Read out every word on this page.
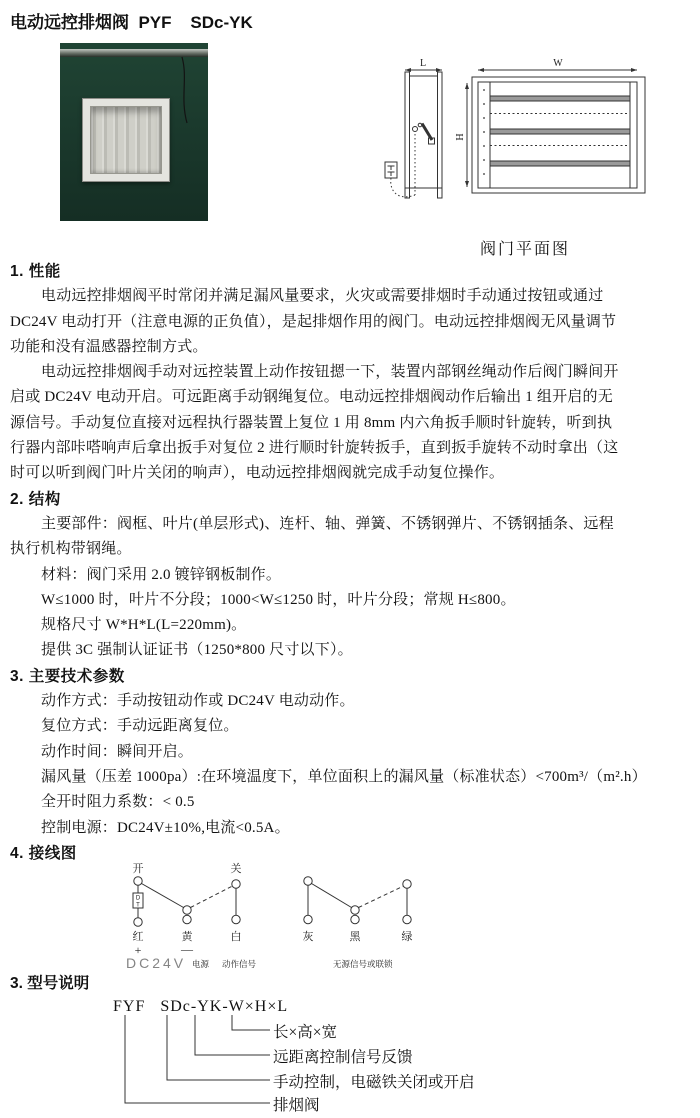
电动远控排烟阀  PYF    SDc-YK
L	W
H
阀门平面图
1. 性能
电动远控排烟阀平时常闭并满足漏风量要求，火灾或需要排烟时手动通过按钮或通过
DC24V 电动打开（注意电源的正负值），是起排烟作用的阀门。电动远控排烟阀无风量调节
功能和没有温感器控制方式。
电动远控排烟阀手动对远控装置上动作按钮摁一下，装置内部钢丝绳动作后阀门瞬间开
启或 DC24V 电动开启。可远距离手动钢绳复位。电动远控排烟阀动作后输出 1 组开启的无
源信号。手动复位直接对远程执行器装置上复位 1 用 8mm 内六角扳手顺时针旋转，听到执
行器内部咔嗒响声后拿出扳手对复位 2 进行顺时针旋转扳手，直到扳手旋转不动时拿出（这
时可以听到阀门叶片关闭的响声），电动远控排烟阀就完成手动复位操作。
2. 结构
主要部件：阀框、叶片(单层形式)、连杆、轴、弹簧、不锈钢弹片、不锈钢插条、远程
执行机构带钢绳。
材料：阀门采用 2.0 镀锌钢板制作。
W≤1000 时，叶片不分段；1000<W≤1250 时，叶片分段；常规 H≤800。
规格尺寸 W*H*L(L=220mm)。
提供 3C 强制认证证书（1250*800 尺寸以下）。
3. 主要技术参数
动作方式：手动按钮动作或 DC24V 电动动作。
复位方式：手动远距离复位。
动作时间：瞬间开启。
漏风量（压差 1000pa）:在环境温度下，单位面积上的漏风量（标准状态）<700m³/（m².h）
全开时阻力系数：< 0.5
控制电源：DC24V±10%,电流<0.5A。
4. 接线图
开	关
D
T
红	黄	白
+	—
DC24V 电源 动作信号
灰	黑	绿
无源信号或联锁
3. 型号说明
FYF   SDc-YK-W×H×L
长×高×宽
远距离控制信号反馈
手动控制，电磁铁关闭或开启
排烟阀
